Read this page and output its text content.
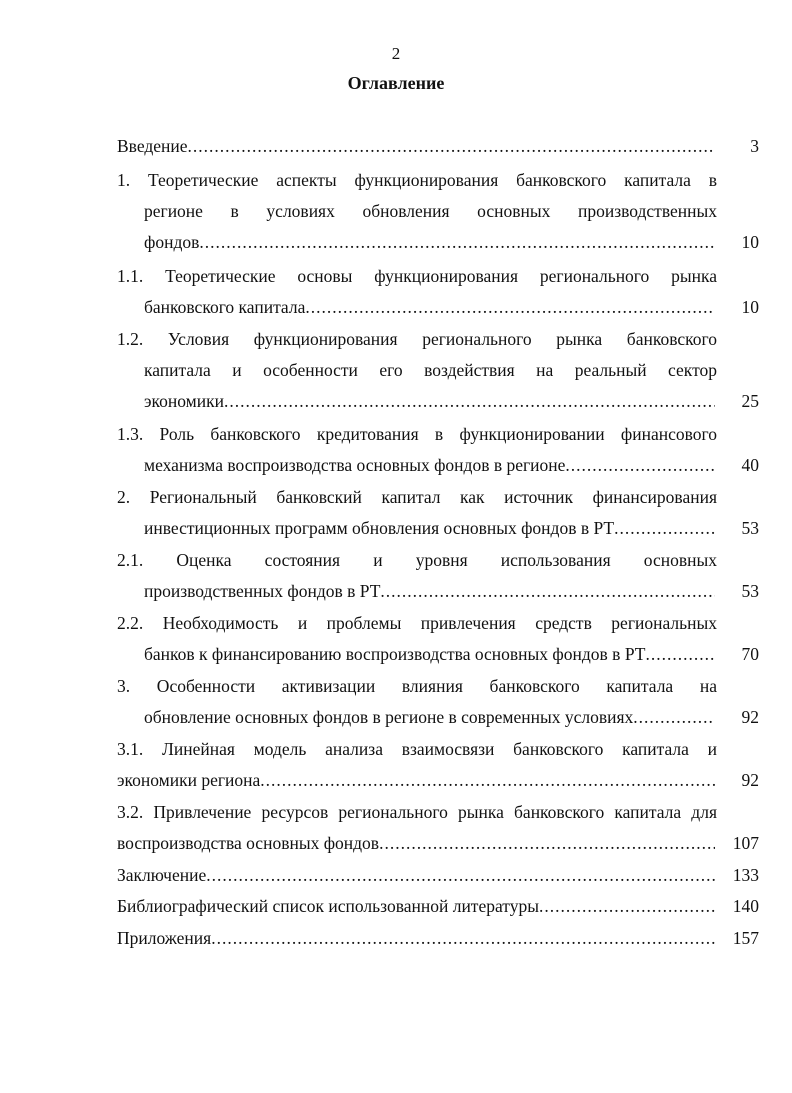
2
Оглавление
Введение .....	3
1. Теоретические аспекты функционирования банковского капитала в
регионе в условиях обновления основных производственных
фондов .....	10
1.1. Теоретические основы функционирования регионального рынка
банковского капитала .....	10
1.2. Условия функционирования регионального рынка банковского
капитала и особенности его воздействия на реальный сектор
экономики .....	25
1.3. Роль банковского кредитования в функционировании финансового
механизма воспроизводства основных фондов в регионе .....	40
2. Региональный банковский капитал как источник финансирования
инвестиционных программ обновления основных фондов в РТ .....	53
2.1. Оценка состояния и уровня использования основных
производственных фондов в РТ .....	53
2.2. Необходимость и проблемы привлечения средств региональных
банков к финансированию воспроизводства основных фондов в РТ .....	70
3. Особенности активизации влияния банковского капитала на
обновление основных фондов в регионе в современных условиях .....	92
3.1. Линейная модель анализа взаимосвязи банковского капитала и
экономики региона .....	92
3.2. Привлечение ресурсов регионального рынка банковского капитала для
воспроизводства основных фондов .....	107
Заключение .....	133
Библиографический список использованной литературы .....	140
Приложения .....	157
